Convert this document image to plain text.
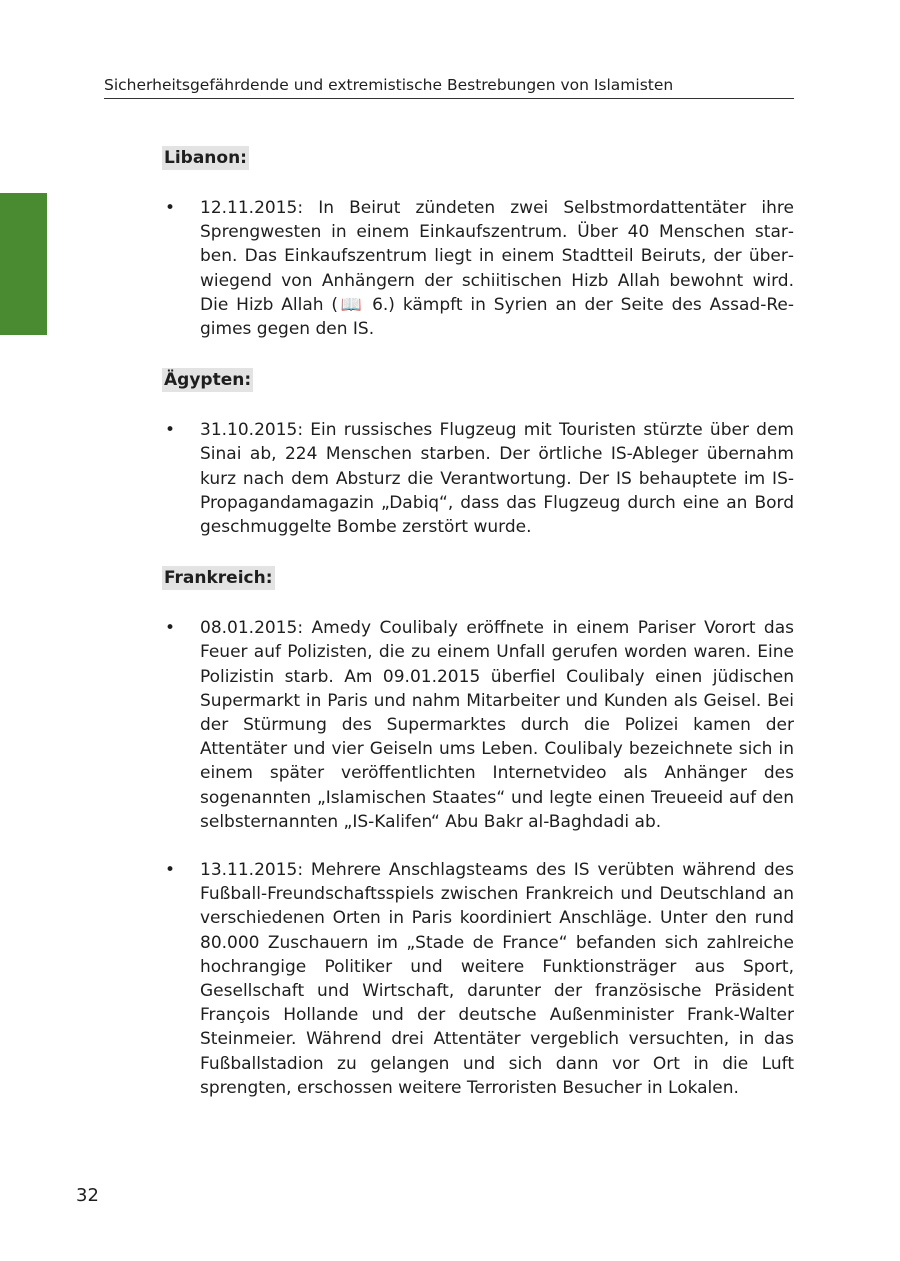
Sicherheitsgefährdende und extremistische Bestrebungen von Islamisten
Libanon:
•	12.11.2015: In Beirut zündeten zwei Selbstmordattentäter ihre Sprengwesten in einem Einkaufszentrum. Über 40 Menschen starben. Das Einkaufszentrum liegt in einem Stadtteil Beiruts, der überwiegend von Anhängern der schiitischen Hizb Allah bewohnt wird. Die Hizb Allah (📖 6.) kämpft in Syrien an der Seite des Assad-Regimes gegen den IS.
Ägypten:
•	31.10.2015: Ein russisches Flugzeug mit Touristen stürzte über dem Sinai ab, 224 Menschen starben. Der örtliche IS-Ableger übernahm kurz nach dem Absturz die Verantwortung. Der IS behauptete im IS-Propagandamagazin „Dabiq“, dass das Flugzeug durch eine an Bord geschmuggelte Bombe zerstört wurde.
Frankreich:
•	08.01.2015: Amedy Coulibaly eröffnete in einem Pariser Vorort das Feuer auf Polizisten, die zu einem Unfall gerufen worden waren. Eine Polizistin starb. Am 09.01.2015 überfiel Coulibaly einen jüdischen Supermarkt in Paris und nahm Mitarbeiter und Kunden als Geisel. Bei der Stürmung des Supermarktes durch die Polizei kamen der Attentäter und vier Geiseln ums Leben. Coulibaly bezeichnete sich in einem später veröffentlichten Internetvideo als Anhänger des sogenannten „Islamischen Staates“ und legte einen Treueeid auf den selbsternannten „IS-Kalifen“ Abu Bakr al-Baghdadi ab.
•	13.11.2015: Mehrere Anschlagsteams des IS verübten während des Fußball-Freundschaftsspiels zwischen Frankreich und Deutschland an verschiedenen Orten in Paris koordiniert Anschläge. Unter den rund 80.000 Zuschauern im „Stade de France“ befanden sich zahlreiche hochrangige Politiker und weitere Funktionsträger aus Sport, Gesellschaft und Wirtschaft, darunter der französische Präsident François Hollande und der deutsche Außenminister Frank-Walter Steinmeier. Während drei Attentäter vergeblich versuchten, in das Fußballstadion zu gelangen und sich dann vor Ort in die Luft sprengten, erschossen weitere Terroristen Besucher in Lokalen.
32
